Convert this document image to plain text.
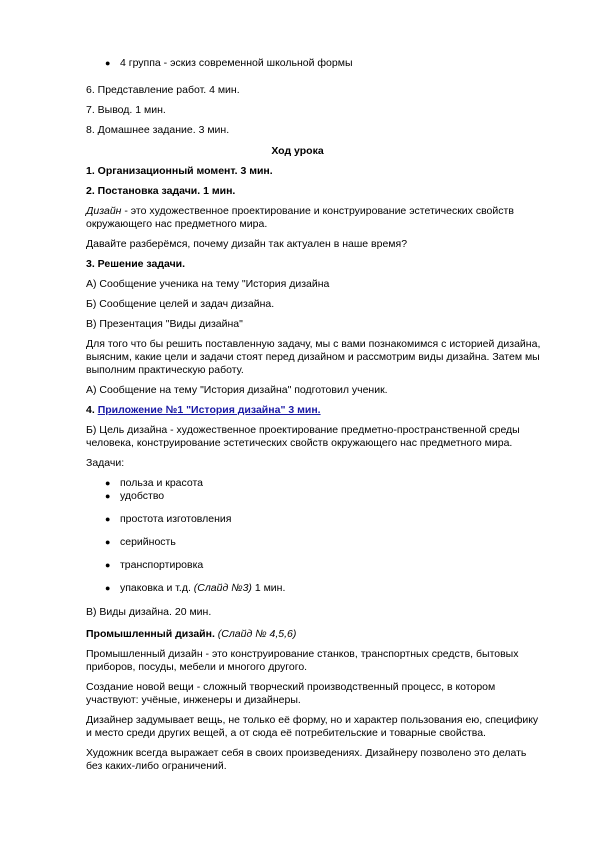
● 4 группа - эскиз современной школьной формы
6. Представление работ. 4 мин.
7. Вывод. 1 мин.
8. Домашнее задание. 3 мин.
Ход урока
1. Организационный момент. 3 мин.
2. Постановка задачи. 1 мин.
Дизайн - это художественное проектирование и конструирование эстетических свойств
окружающего нас предметного мира.
Давайте разберёмся, почему дизайн так актуален в наше время?
3. Решение задачи.
А) Сообщение ученика на тему "История дизайна
Б) Сообщение целей и задач дизайна.
В) Презентация "Виды дизайна"
Для того что бы решить поставленную задачу, мы с вами познакомимся с историей дизайна,
выясним, какие цели и задачи стоят перед дизайном и рассмотрим виды дизайна. Затем мы
выполним практическую работу.
А) Сообщение на тему "История дизайна" подготовил ученик.
4. Приложение №1 "История дизайна" 3 мин.
Б) Цель дизайна - художественное проектирование предметно-пространственной среды
человека, конструирование эстетических свойств окружающего нас предметного мира.
Задачи:
● польза и красота
● удобство
● простота изготовления
● серийность
● транспортировка
● упаковка и т.д. (Слайд №3) 1 мин.
В) Виды дизайна. 20 мин.
Промышленный дизайн. (Слайд № 4,5,6)
Промышленный дизайн - это конструирование станков, транспортных средств, бытовых
приборов, посуды, мебели и многого другого.
Создание новой вещи - сложный творческий производственный процесс, в котором
участвуют: учёные, инженеры и дизайнеры.
Дизайнер задумывает вещь, не только её форму, но и характер пользования ею, специфику
и место среди других вещей, а от сюда её потребительские и товарные свойства.
Художник всегда выражает себя в своих произведениях. Дизайнеру позволено это делать
без каких-либо ограничений.
